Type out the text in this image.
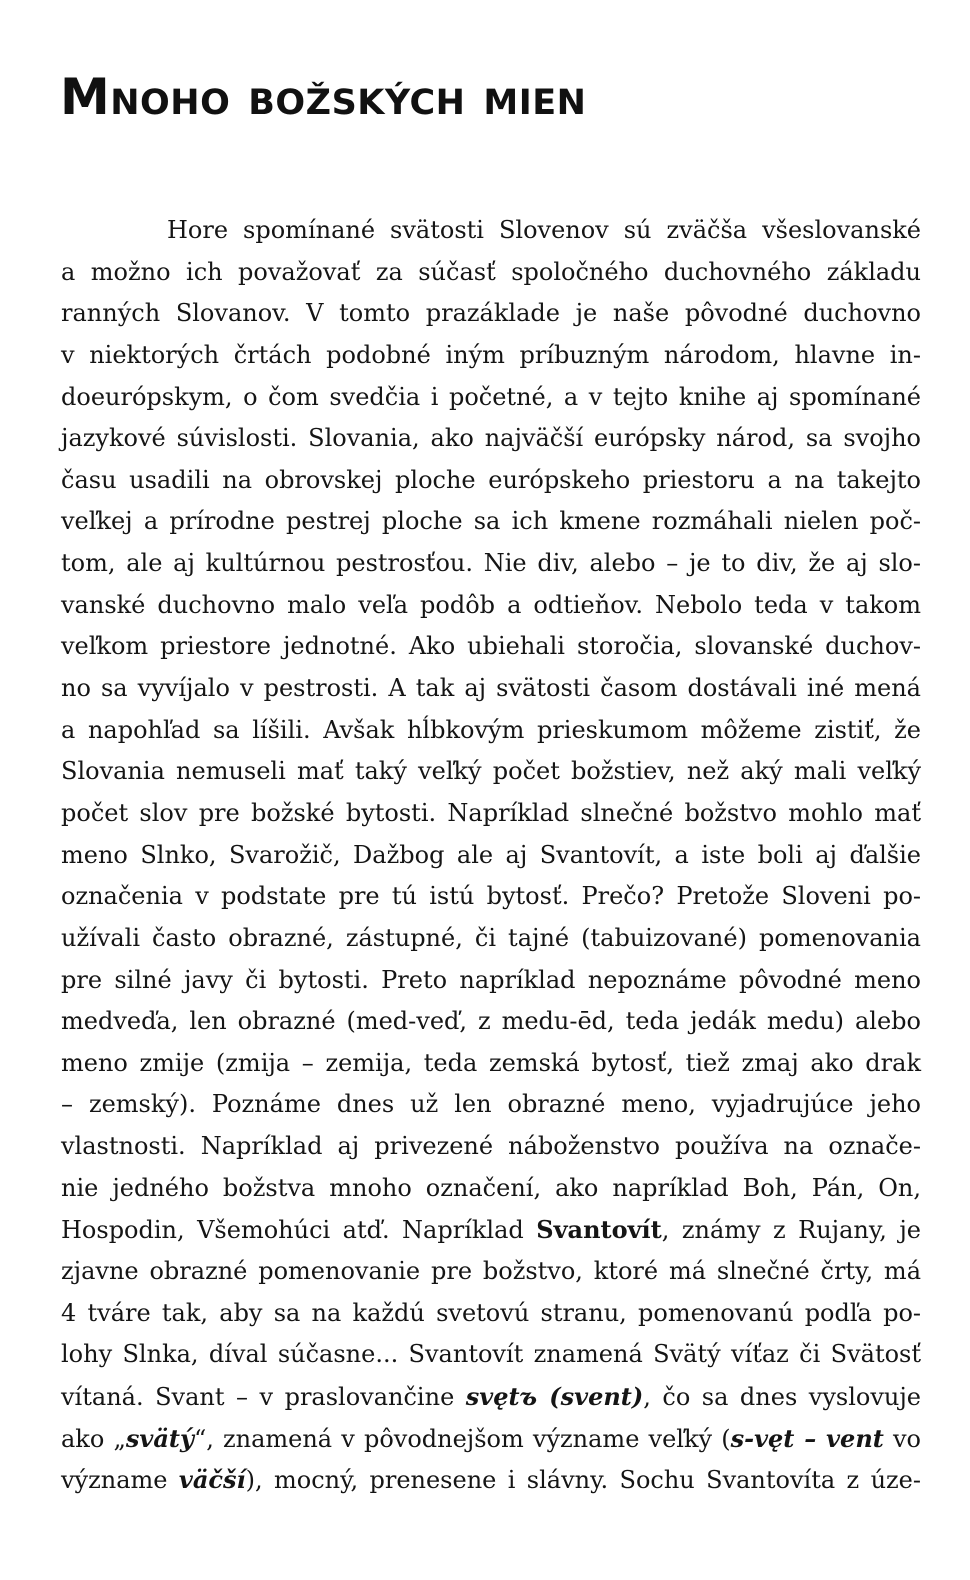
Mnoho božských mien
Hore spomínané svätosti Slovenov sú zväčša všeslovanské
a možno ich považovať za súčasť spoločného duchovného základu
ranných Slovanov. V tomto prazáklade je naše pôvodné duchovno
v niektorých črtách podobné iným príbuzným národom, hlavne in-
doeurópskym, o čom svedčia i početné, a v tejto knihe aj spomínané
jazykové súvislosti. Slovania, ako najväčší európsky národ, sa svojho
času usadili na obrovskej ploche európskeho priestoru a na takejto
veľkej a prírodne pestrej ploche sa ich kmene rozmáhali nielen poč-
tom, ale aj kultúrnou pestrosťou. Nie div, alebo – je to div, že aj slo-
vanské duchovno malo veľa podôb a odtieňov. Nebolo teda v takom
veľkom priestore jednotné. Ako ubiehali storočia, slovanské duchov-
no sa vyvíjalo v pestrosti. A tak aj svätosti časom dostávali iné mená
a napohľad sa líšili. Avšak hĺbkovým prieskumom môžeme zistiť, že
Slovania nemuseli mať taký veľký počet božstiev, než aký mali veľký
počet slov pre božské bytosti. Napríklad slnečné božstvo mohlo mať
meno Slnko, Svarožič, Dažbog ale aj Svantovít, a iste boli aj ďalšie
označenia v podstate pre tú istú bytosť. Prečo? Pretože Sloveni po-
užívali často obrazné, zástupné, či tajné (tabuizované) pomenovania
pre silné javy či bytosti. Preto napríklad nepoznáme pôvodné meno
medveďa, len obrazné (med-veď, z medu-ēd, teda jedák medu) alebo
meno zmije (zmija – zemija, teda zemská bytosť, tiež zmaj ako drak
– zemský). Poznáme dnes už len obrazné meno, vyjadrujúce jeho
vlastnosti. Napríklad aj privezené náboženstvo používa na označe-
nie jedného božstva mnoho označení, ako napríklad Boh, Pán, On,
Hospodin, Všemohúci atď. Napríklad Svantovít, známy z Rujany, je
zjavne obrazné pomenovanie pre božstvo, ktoré má slnečné črty, má
4 tváre tak, aby sa na každú svetovú stranu, pomenovanú podľa po-
lohy Slnka, díval súčasne... Svantovít znamená Svätý víťaz či Svätosť
vítaná. Svant – v praslovančine svętъ (svent), čo sa dnes vyslovuje
ako „svätý“, znamená v pôvodnejšom význame veľký (s-vęt – vent vo
význame väčší), mocný, prenesene i slávny. Sochu Svantovíta z úze-
